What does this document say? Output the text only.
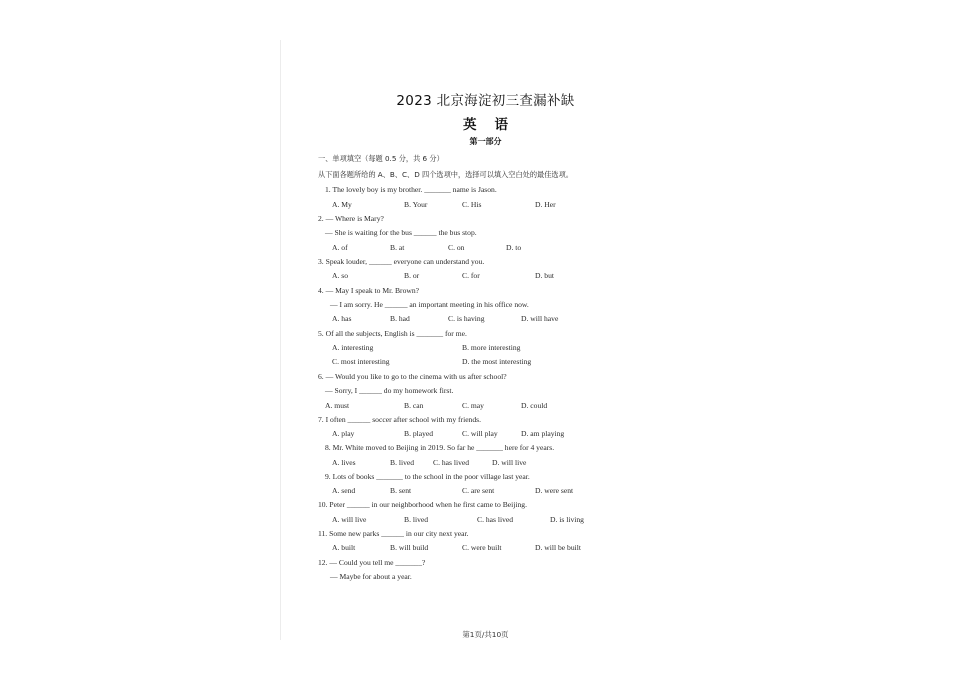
2023 北京海淀初三查漏补缺
英语
第一部分
一、单项填空（每题 0.5 分，共 6 分）
从下面各题所给的 A、B、C、D 四个选项中，选择可以填入空白处的最佳选项。
1. The lovely boy is my brother. _______ name is Jason.
A. My	B. Your	C. His	D. Her
2. — Where is Mary?
— She is waiting for the bus ______ the bus stop.
A. of	B. at	C. on	D. to
3. Speak louder, ______ everyone can understand you.
A. so	B. or	C. for	D. but
4. — May I speak to Mr. Brown?
— I am sorry. He ______ an important meeting in his office now.
A. has	B. had	C. is having	D. will have
5. Of all the subjects, English is _______ for me.
A. interesting	B. more interesting
C. most interesting	D. the most interesting
6. — Would you like to go to the cinema with us after school?
— Sorry, I ______ do my homework first.
A. must	B. can	C. may	D. could
7. I often ______ soccer after school with my friends.
A. play	B. played	C. will play	D. am playing
8. Mr. White moved to Beijing in 2019. So far he _______ here for 4 years.
A. lives	B. lived C. has lived	D. will live
9. Lots of books _______ to the school in the poor village last year.
A. send	B. sent	C. are sent	D. were sent
10. Peter ______ in our neighborhood when he first came to Beijing.
A. will live	B. lived	C. has lived	D. is living
11. Some new parks ______ in our city next year.
A. built	B. will build	C. were built	D. will be built
12. — Could you tell me _______?
— Maybe for about a year.
第1页/共10页
